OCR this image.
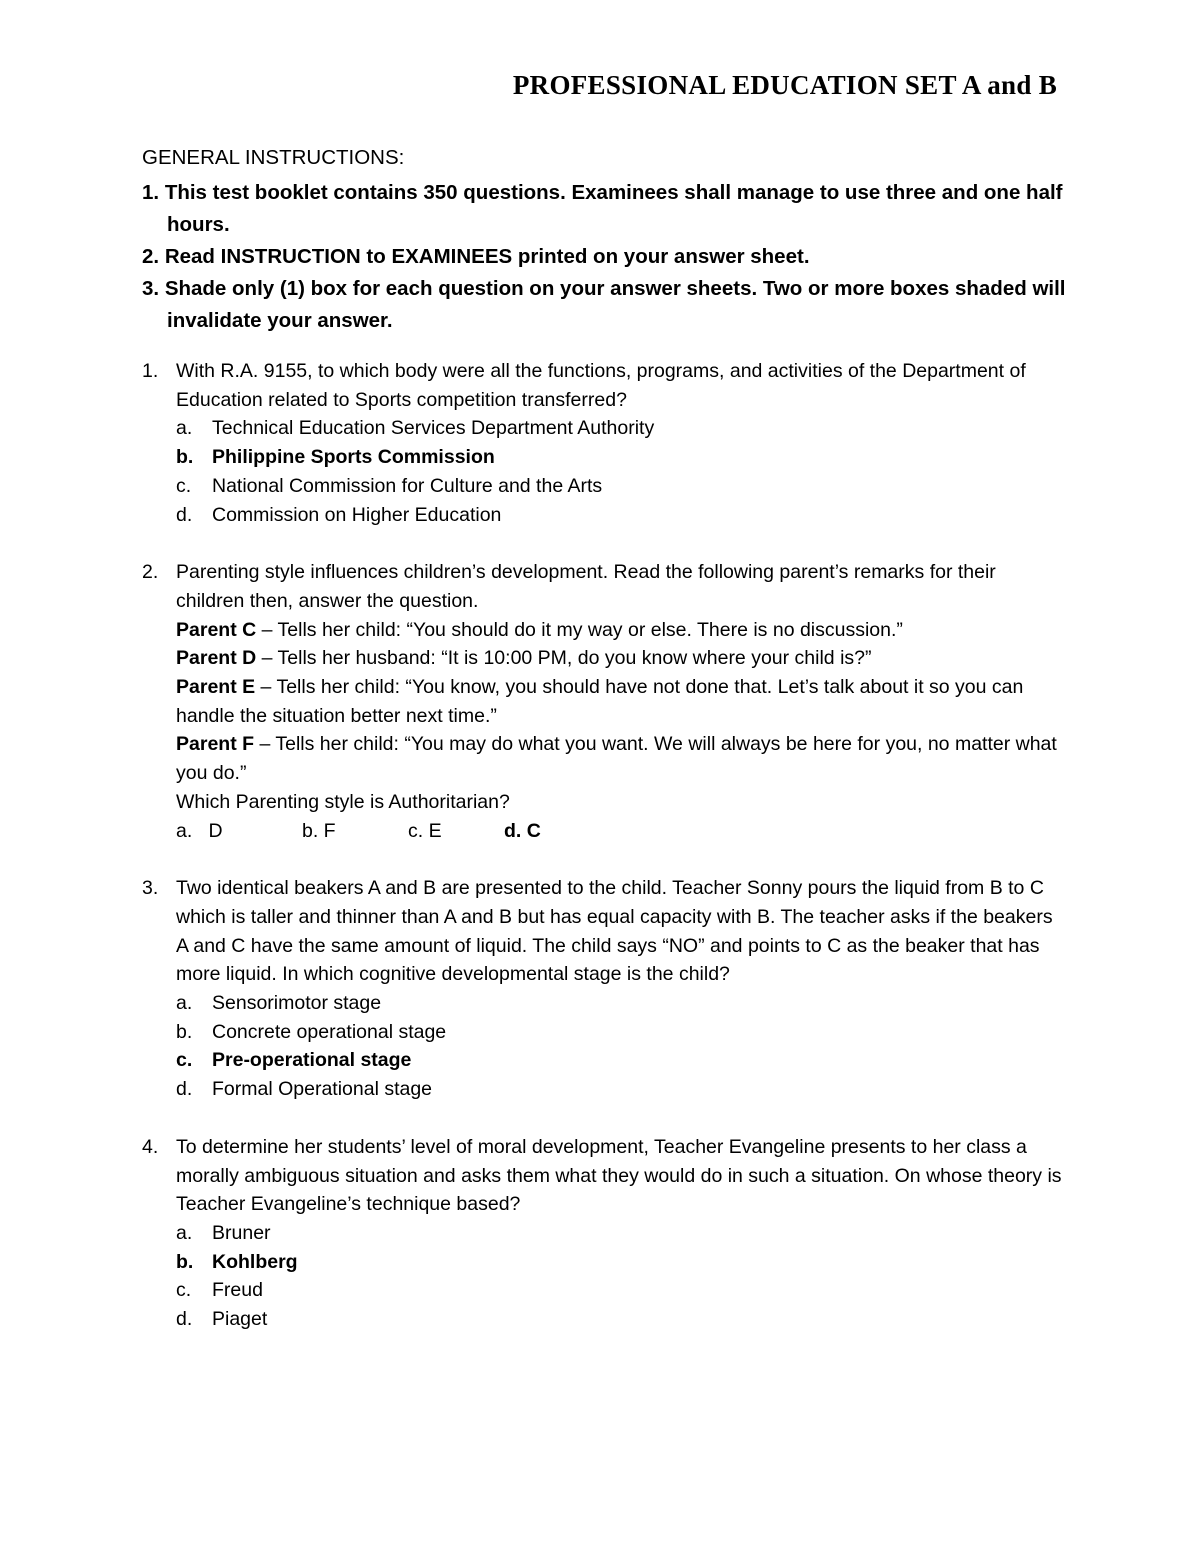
PROFESSIONAL EDUCATION SET A and B
GENERAL INSTRUCTIONS:
1. This test booklet contains 350 questions. Examinees shall manage to use three and one half hours.
2. Read INSTRUCTION to EXAMINEES printed on your answer sheet.
3. Shade only (1) box for each question on your answer sheets. Two or more boxes shaded will invalidate your answer.
1. With R.A. 9155, to which body were all the functions, programs, and activities of the Department of Education related to Sports competition transferred?
a. Technical Education Services Department Authority
b. Philippine Sports Commission
c. National Commission for Culture and the Arts
d. Commission on Higher Education
2. Parenting style influences children’s development. Read the following parent’s remarks for their children then, answer the question.
Parent C – Tells her child: “You should do it my way or else. There is no discussion.”
Parent D – Tells her husband: “It is 10:00 PM, do you know where your child is?”
Parent E – Tells her child: “You know, you should have not done that. Let’s talk about it so you can handle the situation better next time.”
Parent F – Tells her child: “You may do what you want. We will always be here for you, no matter what you do.”
Which Parenting style is Authoritarian?
a.   D	b. F	c. E	d. C
3. Two identical beakers A and B are presented to the child. Teacher Sonny pours the liquid from B to C which is taller and thinner than A and B but has equal capacity with B. The teacher asks if the beakers A and C have the same amount of liquid. The child says “NO” and points to C as the beaker that has more liquid. In which cognitive developmental stage is the child?
a. Sensorimotor stage
b. Concrete operational stage
c. Pre-operational stage
d. Formal Operational stage
4. To determine her students’ level of moral development, Teacher Evangeline presents to her class a morally ambiguous situation and asks them what they would do in such a situation. On whose theory is Teacher Evangeline’s technique based?
a. Bruner
b. Kohlberg
c. Freud
d. Piaget
